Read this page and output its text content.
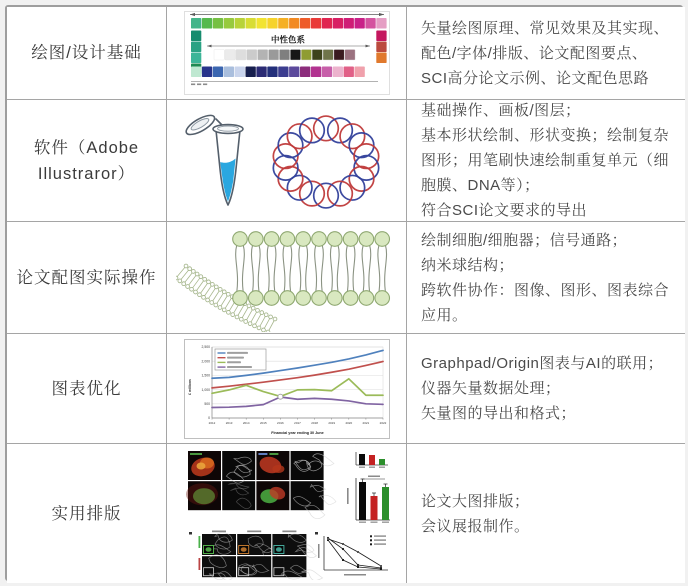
绘图/设计基础
中性色系
矢量绘图原理、常见效果及其实现、
配色/字体/排版、论文配图要点、
SCI高分论文示例、论文配色思路
软件（Adobe
Illustraror）
基础操作、画板/图层；
基本形状绘制、形状变换；绘制复杂
图形；用笔刷快速绘制重复单元（细
胞膜、DNA等）；
符合SCI论文要求的导出
论文配图实际操作
绘制细胞/细胞器；信号通路；
纳米球结构；
跨软件协作：图像、图形、图表综合
应用。
图表优化
0
500
1,000
1,500
2,000
2,500
2012	2013	2014	2015	2016	2017	2018	2019	2020	2021	2022
£ millions
Financial year ending 30 June
Graphpad/Origin图表与AI的联用；
仪器矢量数据处理；
矢量图的导出和格式；
实用排版
论文大图排版；
会议展报制作。
